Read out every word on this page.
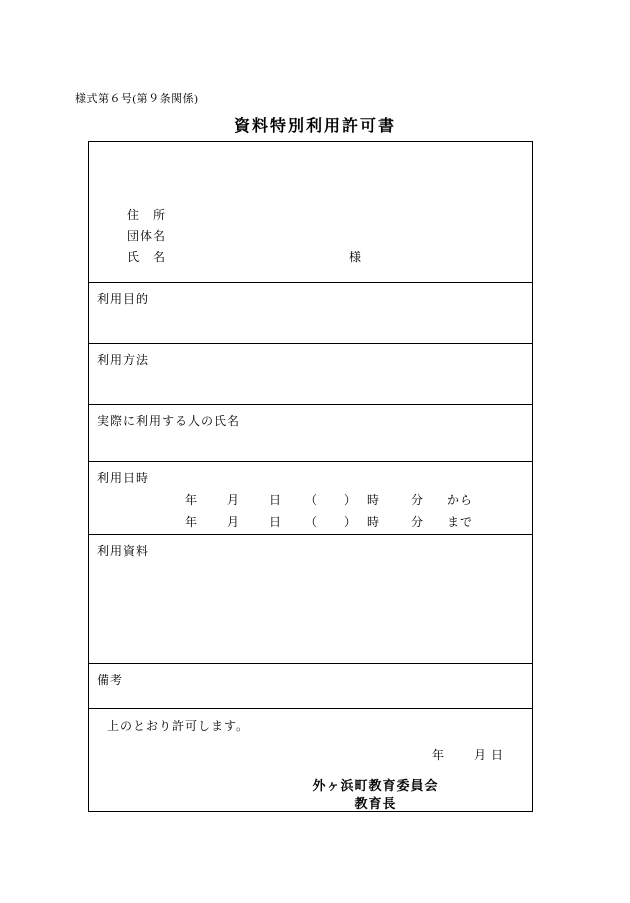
様式第６号(第９条関係)
資料特別利用許可書
住　所
団体名
氏　名	様
利用目的
利用方法
実際に利用する人の氏名
利用日時
年 月 日 （　　） 時	分 から
年 月 日 （　　） 時	分 まで
利用資料
備考
上のとおり許可します。
年 月 日
外ヶ浜町教育委員会
教育長
